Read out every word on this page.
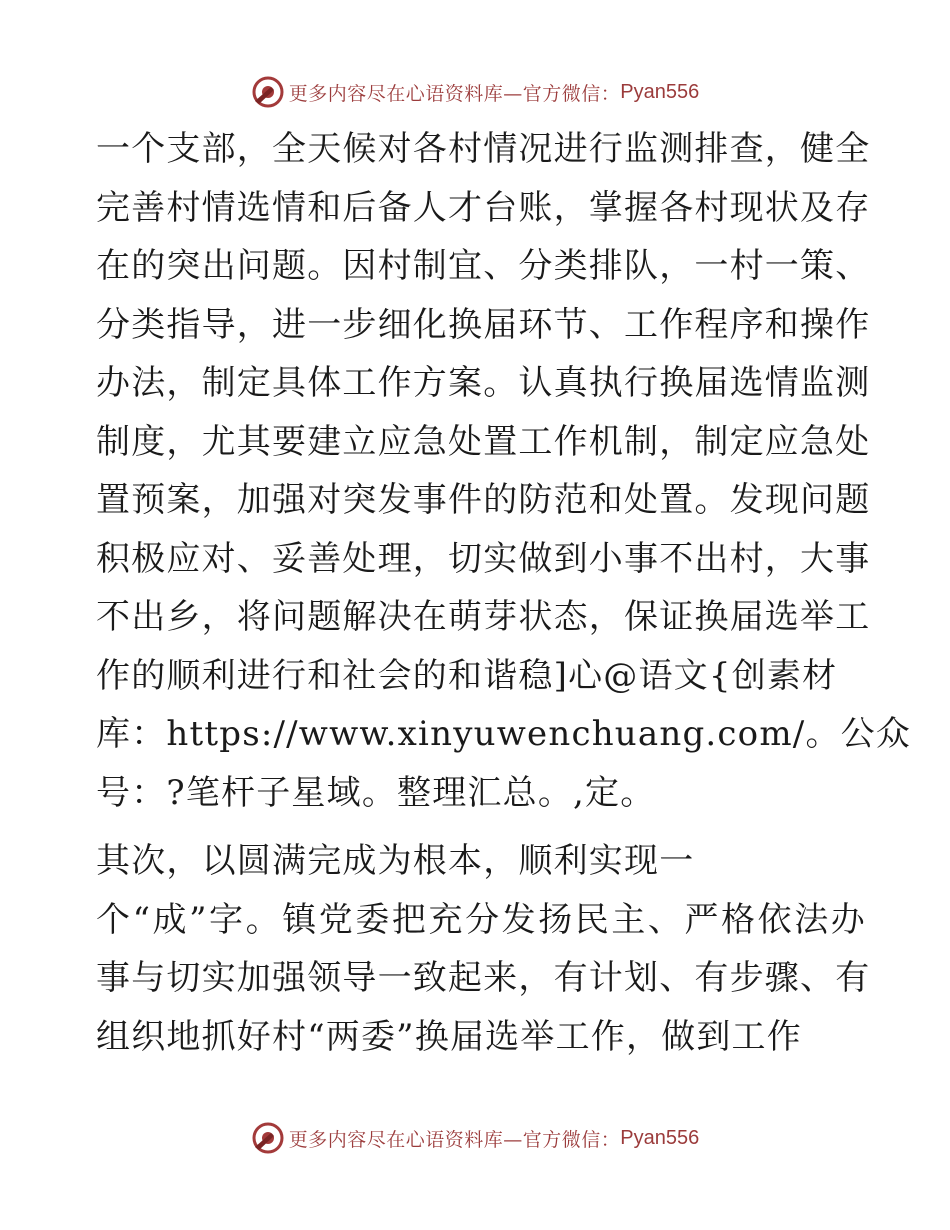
更多内容尽在心语资料库—官方微信： Pyan556

一个支部，全天候对各村情况进行监测排查，健全

完善村情选情和后备人才台账，掌握各村现状及存

在的突出问题。因村制宜、分类排队，一村一策、

分类指导，进一步细化换届环节、工作程序和操作

办法，制定具体工作方案。认真执行换届选情监测

制度，尤其要建立应急处置工作机制，制定应急处

置预案，加强对突发事件的防范和处置。发现问题

积极应对、妥善处理，切实做到小事不出村，大事

不出乡，将问题解决在萌芽状态，保证换届选举工

作的顺利进行和社会的和谐稳]心@语文{创素材

库：https://www.xinyuwenchuang.com/。公众

号：?笔杆子星域。整理汇总。,定。

其次，以圆满完成为根本，顺利实现一

个“成”字。镇党委把充分发扬民主、严格依法办

事与切实加强领导一致起来，有计划、有步骤、有

组织地抓好村“两委”换届选举工作，做到工作

更多内容尽在心语资料库—官方微信： Pyan556
